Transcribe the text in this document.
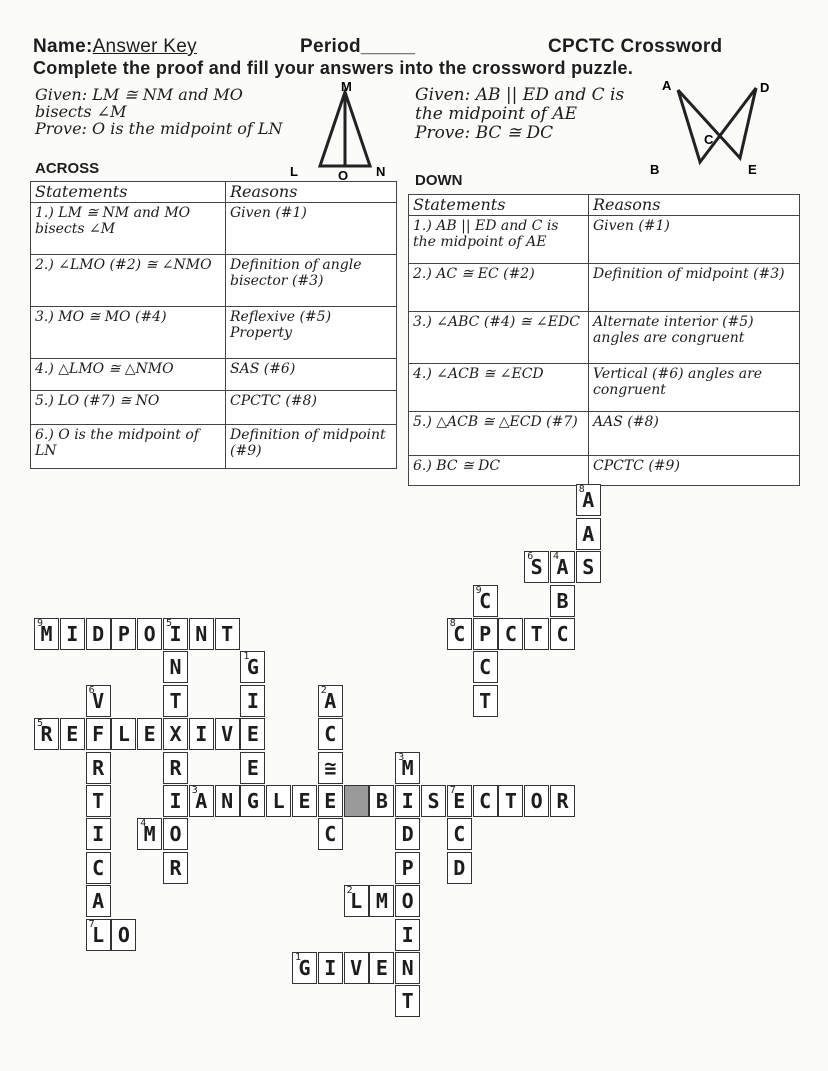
Name:Answer Key	Period_____	CPCTC Crossword
Complete the proof and fill your answers into the crossword puzzle.
Given: LM ≅ NM and MO
bisects ∠M
Prove: O is the midpoint of LN
M
L	O N
ACROSS
Given: AB || ED and C is
the midpoint of AE
Prove: BC ≅ DC
A	D
C
B	E
DOWN
Statements	Reasons
1.) LM ≅ NM and MO bisects ∠M	Given (#1)
2.) ∠LMO (#2) ≅ ∠NMO	Definition of angle bisector (#3)
3.) MO ≅ MO (#4)	Reflexive (#5) Property
4.) △LMO ≅ △NMO	SAS (#6)
5.) LO (#7) ≅ NO	CPCTC (#8)
6.) O is the midpoint of LN	Definition of midpoint (#9)
Statements	Reasons
1.) AB || ED and C is the midpoint of AE	Given (#1)
2.) AC ≅ EC (#2)	Definition of midpoint (#3)
3.) ∠ABC (#4) ≅ ∠EDC	Alternate interior (#5) angles are congruent
4.) ∠ACB ≅ ∠ECD	Vertical (#6) angles are congruent
5.) △ACB ≅ △ECD (#7)	AAS (#8)
6.) BC ≅ DC	CPCTC (#9)
9
M I D P O	5
I N T
N	1
G
6
V	T	I	2
A
5
R E F L E X I V E	C
R	R	E	≅	3
M
T	I	3
A N G L E E	B I S	7
E C T O R
I	4
M O	C	D	C
C	R	P	D
A	2
L M O
7
L O	I
1
G I V E N
T
8
A
A
6
S	4
A S
9
C	B
8
C P C T C
C
T
